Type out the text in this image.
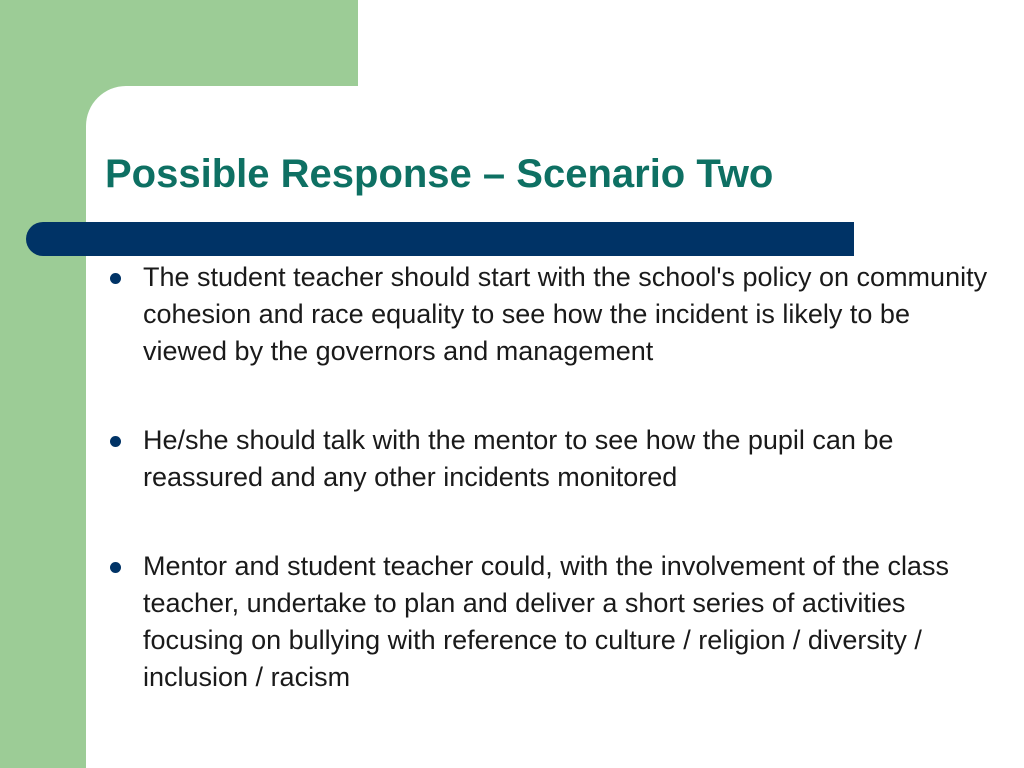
Possible Response – Scenario Two
The student teacher should start with the school's policy on community cohesion and race equality to see how the incident is likely to be viewed by the governors and management
He/she should talk with the mentor to see how the pupil can be reassured and any other incidents monitored
Mentor and student teacher could, with the involvement of the class teacher, undertake to plan and deliver a short series of activities focusing on bullying with reference to culture / religion / diversity / inclusion / racism
